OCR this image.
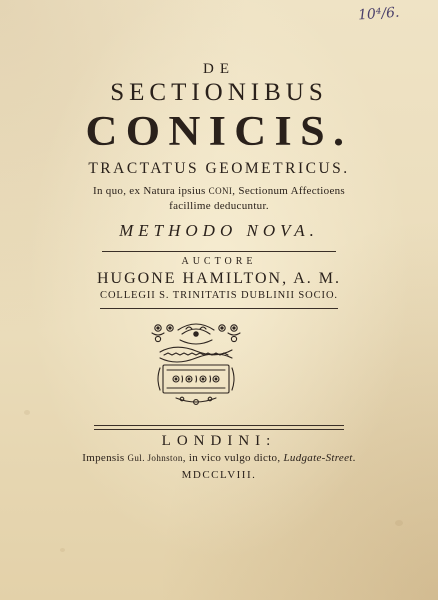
10⁴/6.
DE
SECTIONIBUS
CONICIS.
TRACTATUS GEOMETRICUS.
In quo, ex Natura ipsius CONI, Sectionum Affectioens
facillime deducuntur.
METHODO NOVA.
AUCTORE
HUGONE HAMILTON, A. M.
COLLEGII S. TRINITATIS DUBLINII SOCIO.
LONDINI:
Impensis Gul. Johnston, in vico vulgo dicto, Ludgate-Street.
MDCCLVIII.
